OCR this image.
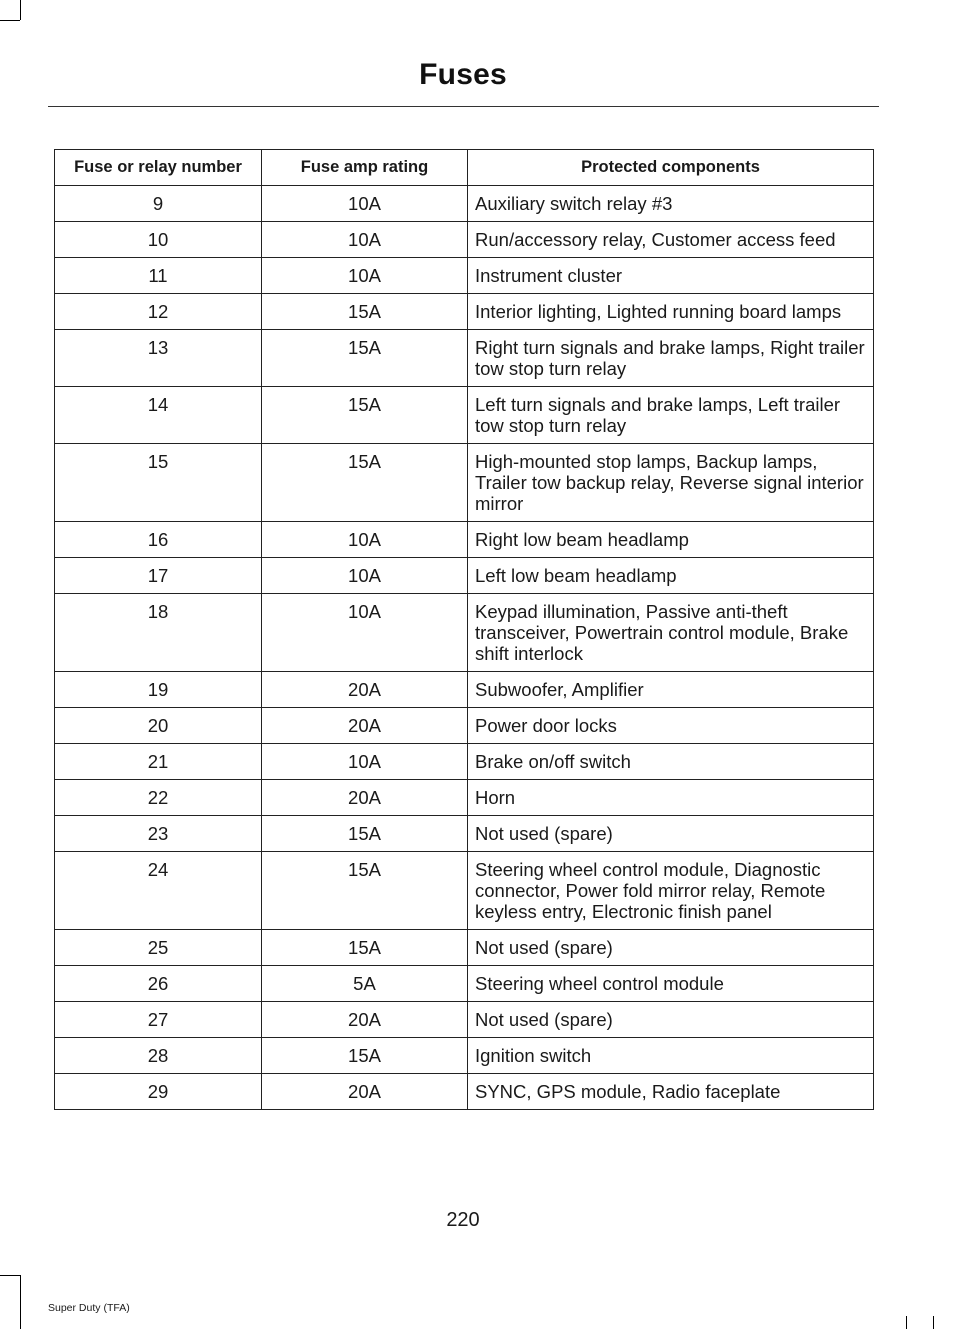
Fuses
Fuse or relay number	Fuse amp rating	Protected components
9	10A	Auxiliary switch relay #3
10	10A	Run/accessory relay, Customer access feed
11	10A	Instrument cluster
12	15A	Interior lighting, Lighted running board lamps
13	15A	Right turn signals and brake lamps, Right trailer tow stop turn relay
14	15A	Left turn signals and brake lamps, Left trailer tow stop turn relay
15	15A	High-mounted stop lamps, Backup lamps, Trailer tow backup relay, Reverse signal interior mirror
16	10A	Right low beam headlamp
17	10A	Left low beam headlamp
18	10A	Keypad illumination, Passive anti-theft transceiver, Powertrain control module, Brake shift interlock
19	20A	Subwoofer, Amplifier
20	20A	Power door locks
21	10A	Brake on/off switch
22	20A	Horn
23	15A	Not used (spare)
24	15A	Steering wheel control module, Diagnostic connector, Power fold mirror relay, Remote keyless entry, Electronic finish panel
25	15A	Not used (spare)
26	5A	Steering wheel control module
27	20A	Not used (spare)
28	15A	Ignition switch
29	20A	SYNC, GPS module, Radio faceplate
220
Super Duty (TFA)
